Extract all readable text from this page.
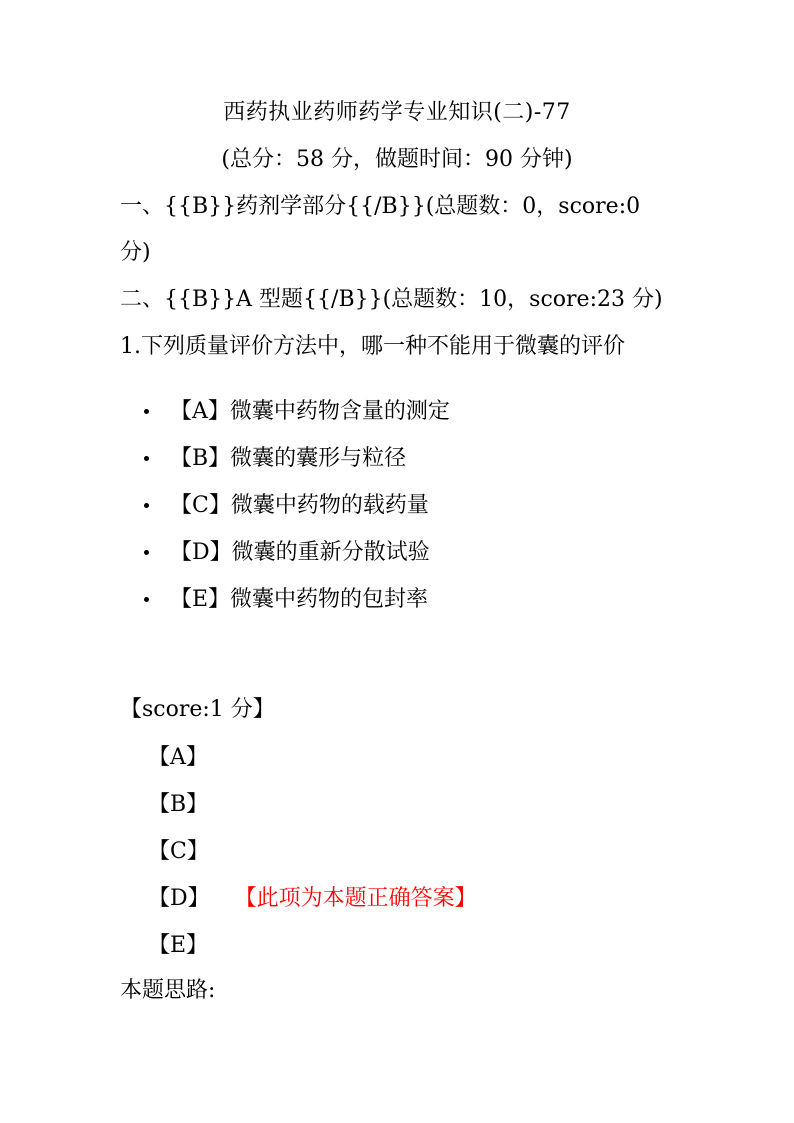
西药执业药师药学专业知识(二)-77
(总分：58 分，做题时间：90 分钟)
一、{{B}}药剂学部分{{/B}}(总题数：0，score:0
分)
二、{{B}}A 型题{{/B}}(总题数：10，score:23 分)
1.下列质量评价方法中，哪一种不能用于微囊的评价
【A】微囊中药物含量的测定
【B】微囊的囊形与粒径
【C】微囊中药物的载药量
【D】微囊的重新分散试验
【E】微囊中药物的包封率
【score:1 分】
【A】
【B】
【C】
【D】 【此项为本题正确答案】
【E】
本题思路:
